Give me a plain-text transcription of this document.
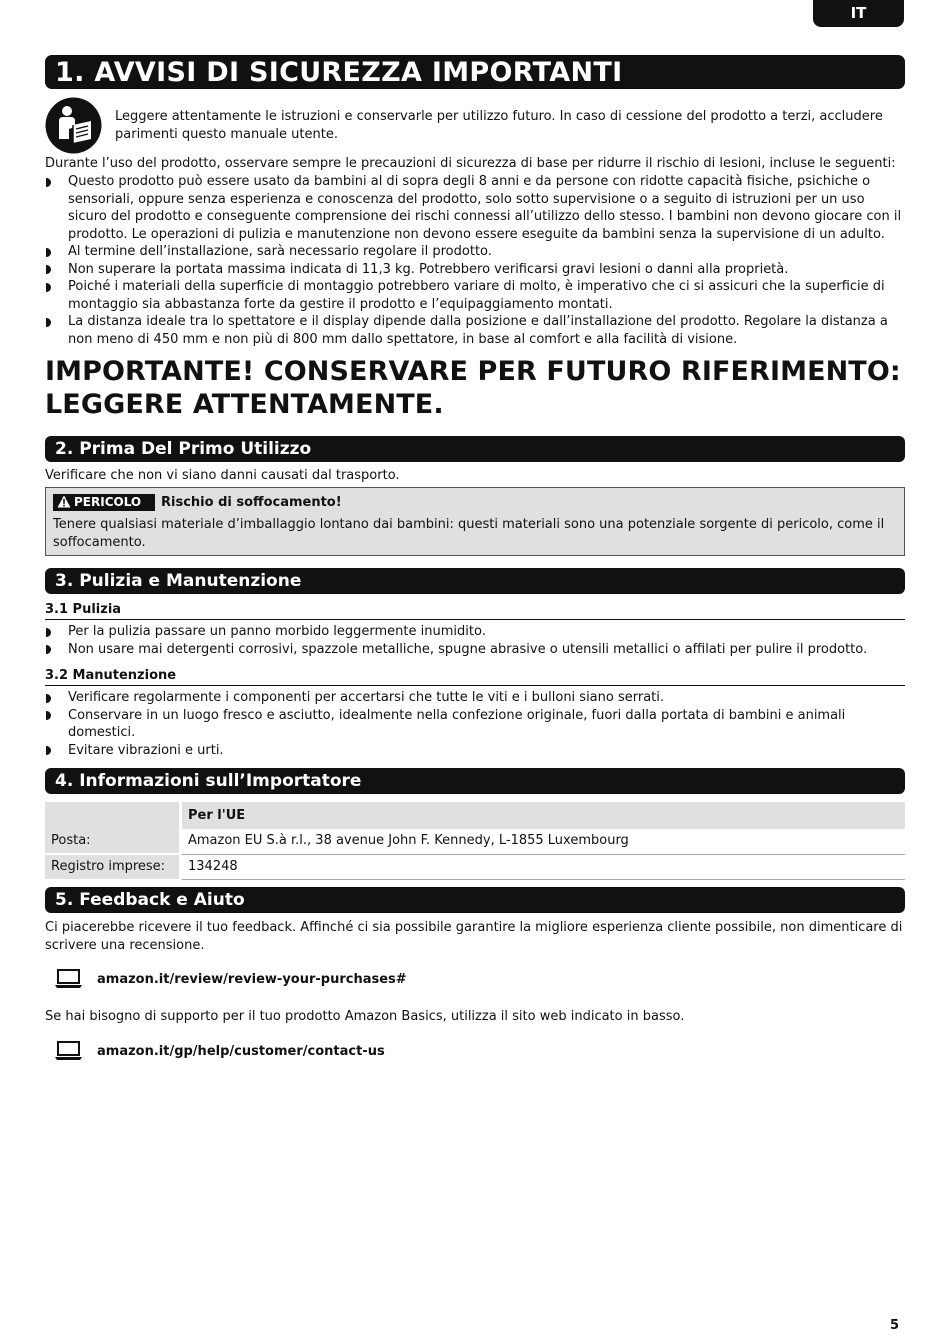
IT
1. AVVISI DI SICUREZZA IMPORTANTI
Leggere attentamente le istruzioni e conservarle per utilizzo futuro. In caso di cessione del prodotto a terzi, accludere parimenti questo manuale utente.
Durante l’uso del prodotto, osservare sempre le precauzioni di sicurezza di base per ridurre il rischio di lesioni, incluse le seguenti:
Questo prodotto può essere usato da bambini al di sopra degli 8 anni e da persone con ridotte capacità fisiche, psichiche o sensoriali, oppure senza esperienza e conoscenza del prodotto, solo sotto supervisione o a seguito di istruzioni per un uso sicuro del prodotto e conseguente comprensione dei rischi connessi all’utilizzo dello stesso. I bambini non devono giocare con il prodotto. Le operazioni di pulizia e manutenzione non devono essere eseguite da bambini senza la supervisione di un adulto.
Al termine dell’installazione, sarà necessario regolare il prodotto.
Non superare la portata massima indicata di 11,3 kg. Potrebbero verificarsi gravi lesioni o danni alla proprietà.
Poiché i materiali della superficie di montaggio potrebbero variare di molto, è imperativo che ci si assicuri che la superficie di montaggio sia abbastanza forte da gestire il prodotto e l’equipaggiamento montati.
La distanza ideale tra lo spettatore e il display dipende dalla posizione e dall’installazione del prodotto. Regolare la distanza a non meno di 450 mm e non più di 800 mm dallo spettatore, in base al comfort e alla facilità di visione.
IMPORTANTE! CONSERVARE PER FUTURO RIFERIMENTO:
LEGGERE ATTENTAMENTE.
2. Prima Del Primo Utilizzo
Verificare che non vi siano danni causati dal trasporto.
PERICOLO	Rischio di soffocamento!
Tenere qualsiasi materiale d’imballaggio lontano dai bambini: questi materiali sono una potenziale sorgente di pericolo, come il soffocamento.
3. Pulizia e Manutenzione
3.1 Pulizia
Per la pulizia passare un panno morbido leggermente inumidito.
Non usare mai detergenti corrosivi, spazzole metalliche, spugne abrasive o utensili metallici o affilati per pulire il prodotto.
3.2 Manutenzione
Verificare regolarmente i componenti per accertarsi che tutte le viti e i bulloni siano serrati.
Conservare in un luogo fresco e asciutto, idealmente nella confezione originale, fuori dalla portata di bambini e animali domestici.
Evitare vibrazioni e urti.
4. Informazioni sull’Importatore
	Per l'UE
Posta:	Amazon EU S.à r.l., 38 avenue John F. Kennedy, L-1855 Luxembourg
Registro imprese:	134248
5. Feedback e Aiuto
Ci piacerebbe ricevere il tuo feedback. Affinché ci sia possibile garantire la migliore esperienza cliente possibile, non dimenticare di scrivere una recensione.
amazon.it/review/review-your-purchases#
Se hai bisogno di supporto per il tuo prodotto Amazon Basics, utilizza il sito web indicato in basso.
amazon.it/gp/help/customer/contact-us
5
